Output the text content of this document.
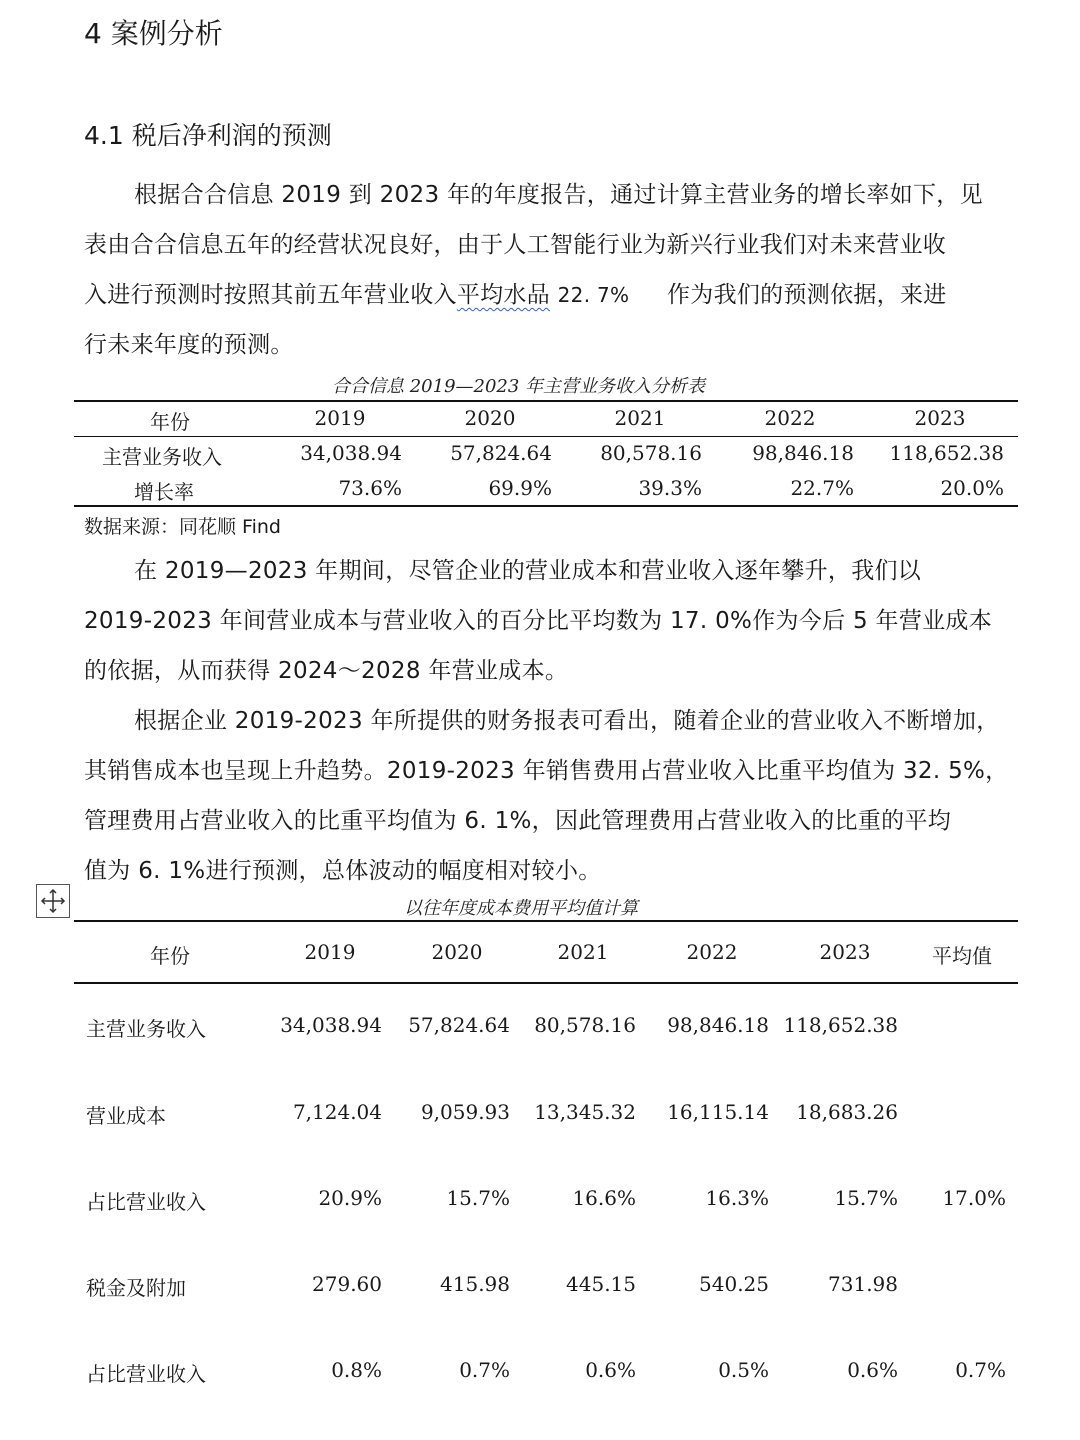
4 案例分析
4.1 税后净利润的预测
根据合合信息 2019 到 2023 年的年度报告，通过计算主营业务的增长率如下，见
表由合合信息五年的经营状况良好，由于人工智能行业为新兴行业我们对未来营业收
入进行预测时按照其前五年营业收入平均水品 22. 7% 作为我们的预测依据，来进
行未来年度的预测。
合合信息 2019—2023 年主营业务收入分析表
年份	2019	2020	2021	2022	2023
主营业务收入	34,038.94	57,824.64	80,578.16	98,846.18	118,652.38
增长率	73.6%	69.9%	39.3%	22.7%	20.0%
数据来源：同花顺 Find
在 2019—2023 年期间，尽管企业的营业成本和营业收入逐年攀升，我们以
2019-2023 年间营业成本与营业收入的百分比平均数为 17. 0%作为今后 5 年营业成本
的依据，从而获得 2024～2028 年营业成本。
根据企业 2019-2023 年所提供的财务报表可看出，随着企业的营业收入不断增加，
其销售成本也呈现上升趋势。2019-2023 年销售费用占营业收入比重平均值为 32. 5%，
管理费用占营业收入的比重平均值为 6. 1%，因此管理费用占营业收入的比重的平均
值为 6. 1%进行预测，总体波动的幅度相对较小。
以往年度成本费用平均值计算
年份	2019	2020	2021	2022	2023	平均值
主营业务收入	34,038.94	57,824.64	80,578.16	98,846.18 118,652.38
营业成本	7,124.04	9,059.93	13,345.32	16,115.14	18,683.26
占比营业收入	20.9%	15.7%	16.6%	16.3%	15.7%	17.0%
税金及附加	279.60	415.98	445.15	540.25	731.98
占比营业收入	0.8%	0.7%	0.6%	0.5%	0.6%	0.7%
